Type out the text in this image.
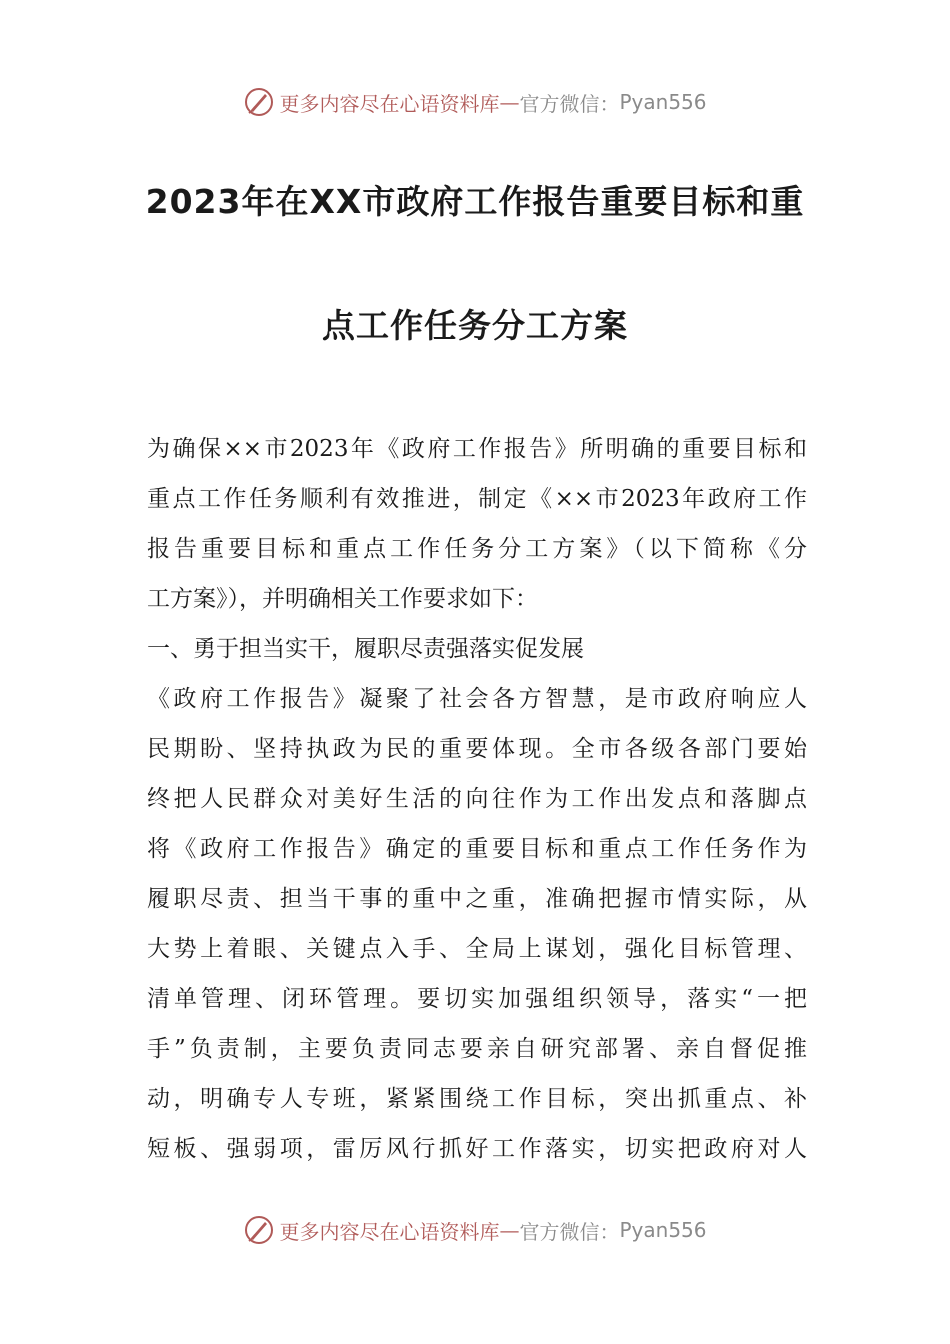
更多内容尽在心语资料库 — 官方微信： Pyan556
2023年在XX市政府工作报告重要目标和重
点工作任务分工方案
为确保××市2023年《政府工作报告》所明确的重要目标和
重点工作任务顺利有效推进，制定《××市2023年政府工作
报告重要目标和重点工作任务分工方案》（以下简称《分
工方案》），并明确相关工作要求如下：
一、勇于担当实干，履职尽责强落实促发展
《政府工作报告》凝聚了社会各方智慧，是市政府响应人
民期盼、坚持执政为民的重要体现。全市各级各部门要始
终把人民群众对美好生活的向往作为工作出发点和落脚点
将《政府工作报告》确定的重要目标和重点工作任务作为
履职尽责、担当干事的重中之重，准确把握市情实际，从
大势上着眼、关键点入手、全局上谋划，强化目标管理、
清单管理、闭环管理。要切实加强组织领导，落实“一把
手”负责制，主要负责同志要亲自研究部署、亲自督促推
动，明确专人专班，紧紧围绕工作目标，突出抓重点、补
短板、强弱项，雷厉风行抓好工作落实，切实把政府对人
更多内容尽在心语资料库 — 官方微信： Pyan556
